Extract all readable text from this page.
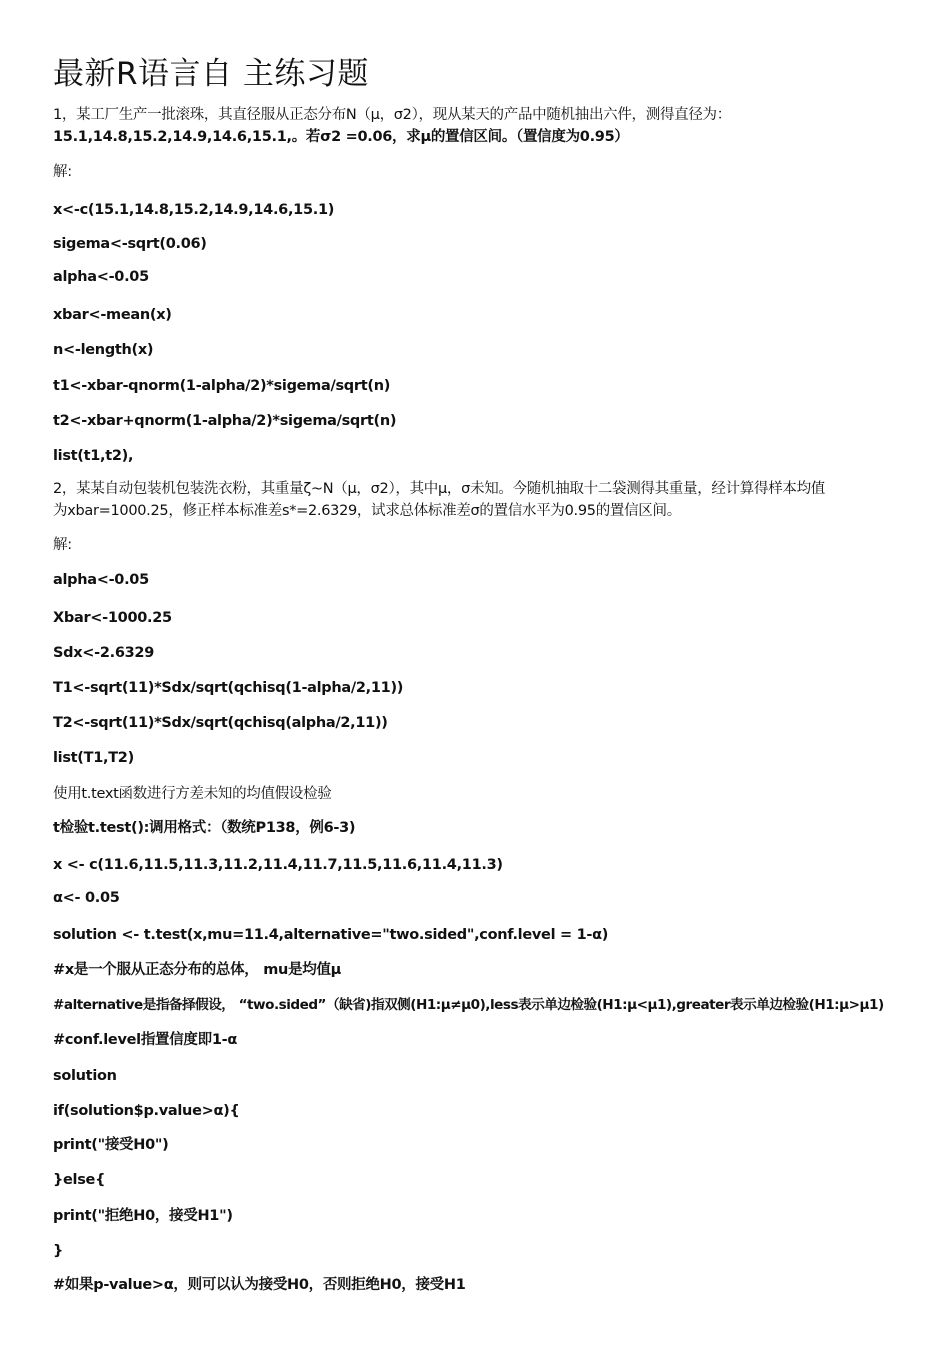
最新R语言自 主练习题
1，某工厂生产一批滚珠，其直径服从正态分布N（μ，σ2），现从某天的产品中随机抽出六件，测得直径为：
15.1,14.8,15.2,14.9,14.6,15.1,。若σ2 =0.06，求μ的置信区间。（置信度为0.95）
解:
x<-c(15.1,14.8,15.2,14.9,14.6,15.1)
sigema<-sqrt(0.06)
alpha<-0.05
xbar<-mean(x)
n<-length(x)
t1<-xbar-qnorm(1-alpha/2)*sigema/sqrt(n)
t2<-xbar+qnorm(1-alpha/2)*sigema/sqrt(n)
list(t1,t2),
2，某某自动包装机包装洗衣粉，其重量ζ~N（μ，σ2），其中μ，σ未知。今随机抽取十二袋测得其重量，经计算得样本均值
为xbar=1000.25，修正样本标准差s*=2.6329，试求总体标准差σ的置信水平为0.95的置信区间。
解:
alpha<-0.05
Xbar<-1000.25
Sdx<-2.6329
T1<-sqrt(11)*Sdx/sqrt(qchisq(1-alpha/2,11))
T2<-sqrt(11)*Sdx/sqrt(qchisq(alpha/2,11))
list(T1,T2)
使用t.text函数进行方差未知的均值假设检验
t检验t.test():调用格式：（数统P138，例6-3)
x <- c(11.6,11.5,11.3,11.2,11.4,11.7,11.5,11.6,11.4,11.3)
α<- 0.05
solution <- t.test(x,mu=11.4,alternative="two.sided",conf.level = 1-α)
#x是一个服从正态分布的总体， mu是均值μ
#alternative是指备择假设， “two.sided”（缺省)指双侧(H1:μ≠μ0),less表示单边检验(H1:μ<μ1),greater表示单边检验(H1:μ>μ1)
#conf.level指置信度即1-α
solution
if(solution$p.value>α){
print("接受H0")
}else{
print("拒绝H0，接受H1")
}
#如果p-value>α，则可以认为接受H0，否则拒绝H0，接受H1
